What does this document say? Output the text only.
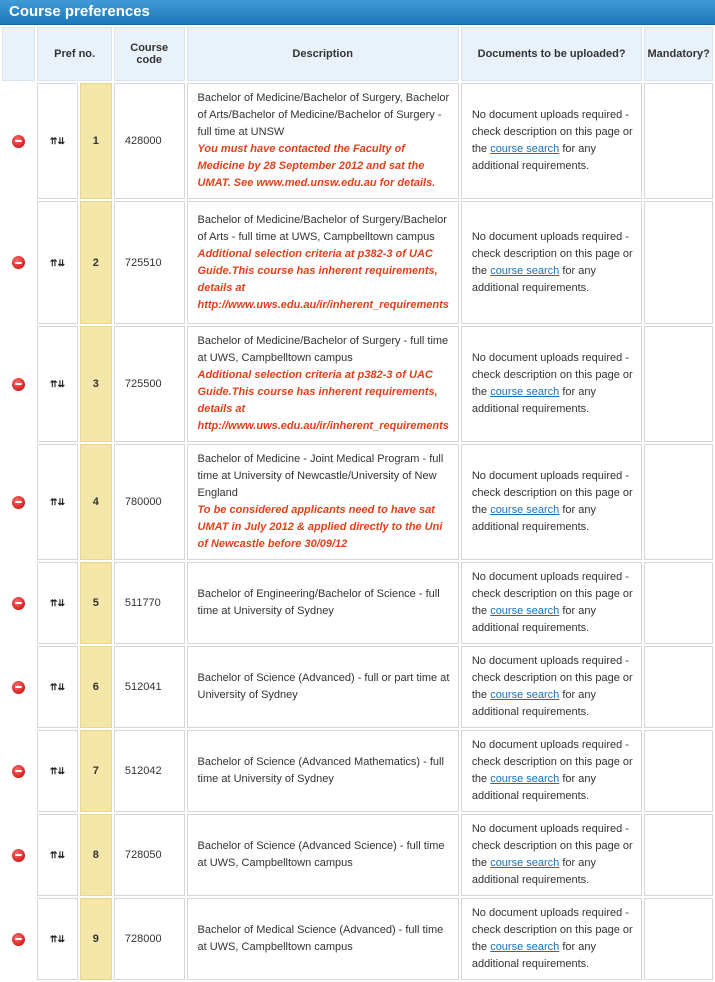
Course preferences
	Pref no.		Course code	Description	Documents to be uploaded?	Mandatory?
	⇈⇊	1	428000	Bachelor of Medicine/Bachelor of Surgery, Bachelor of Arts/Bachelor of Medicine/Bachelor of Surgery - full time at UNSW
You must have contacted the Faculty of Medicine by 28 September 2012 and sat the UMAT. See www.med.unsw.edu.au for details.	No document uploads required - check description on this page or the course search for any additional requirements.	
	⇈⇊	2	725510	Bachelor of Medicine/Bachelor of Surgery/Bachelor of Arts - full time at UWS, Campbelltown campus
Additional selection criteria at p382-3 of UAC Guide.This course has inherent requirements, details at http://www.uws.edu.au/ir/inherent_requirements	No document uploads required - check description on this page or the course search for any additional requirements.	
	⇈⇊	3	725500	Bachelor of Medicine/Bachelor of Surgery - full time at UWS, Campbelltown campus
Additional selection criteria at p382-3 of UAC Guide.This course has inherent requirements, details at http://www.uws.edu.au/ir/inherent_requirements	No document uploads required - check description on this page or the course search for any additional requirements.	
	⇈⇊	4	780000	Bachelor of Medicine - Joint Medical Program - full time at University of Newcastle/University of New England
To be considered applicants need to have sat UMAT in July 2012 & applied directly to the Uni of Newcastle before 30/09/12	No document uploads required - check description on this page or the course search for any additional requirements.	
	⇈⇊	5	511770	Bachelor of Engineering/Bachelor of Science - full time at University of Sydney	No document uploads required - check description on this page or the course search for any additional requirements.	
	⇈⇊	6	512041	Bachelor of Science (Advanced) - full or part time at University of Sydney	No document uploads required - check description on this page or the course search for any additional requirements.	
	⇈⇊	7	512042	Bachelor of Science (Advanced Mathematics) - full time at University of Sydney	No document uploads required - check description on this page or the course search for any additional requirements.	
	⇈⇊	8	728050	Bachelor of Science (Advanced Science) - full time at UWS, Campbelltown campus	No document uploads required - check description on this page or the course search for any additional requirements.	
	⇈⇊	9	728000	Bachelor of Medical Science (Advanced) - full time at UWS, Campbelltown campus	No document uploads required - check description on this page or the course search for any additional requirements.	
